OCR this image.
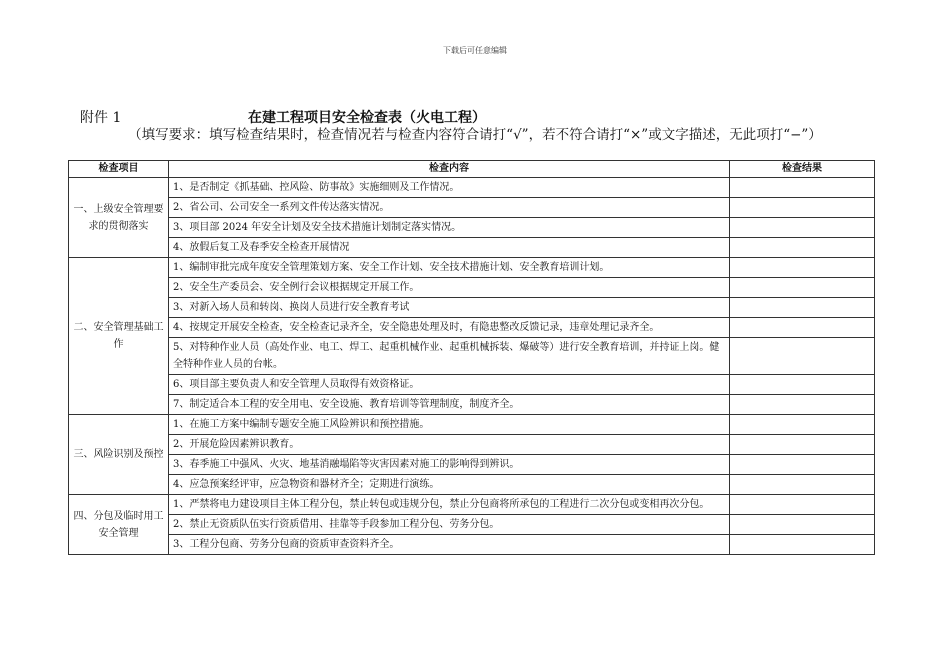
下载后可任意编辑
附件 1	在建工程项目安全检查表（火电工程）
（填写要求：填写检查结果时，检查情况若与检查内容符合请打“√”，若不符合请打“×”或文字描述，无此项打“−”）
检查项目	检查内容	检查结果
一、上级安全管理要求的贯彻落实	1、是否制定《抓基础、控风险、防事故》实施细则及工作情况。	
	2、省公司、公司安全一系列文件传达落实情况。	
	3、项目部 2024 年安全计划及安全技术措施计划制定落实情况。	
	4、放假后复工及春季安全检查开展情况	
二、安全管理基础工作	1、编制审批完成年度安全管理策划方案、安全工作计划、安全技术措施计划、安全教育培训计划。	
	2、安全生产委员会、安全例行会议根据规定开展工作。	
	3、对新入场人员和转岗、换岗人员进行安全教育考试	
	4、按规定开展安全检查，安全检查记录齐全，安全隐患处理及时，有隐患整改反馈记录，违章处理记录齐全。	
	5、对特种作业人员（高处作业、电工、焊工、起重机械作业、起重机械拆装、爆破等）进行安全教育培训，并持证上岗。健全特种作业人员的台帐。	
	6、项目部主要负责人和安全管理人员取得有效资格证。	
	7、制定适合本工程的安全用电、安全设施、教育培训等管理制度，制度齐全。	
三、风险识别及预控	1、在施工方案中编制专题安全施工风险辨识和预控措施。	
	2、开展危险因素辨识教育。	
	3、春季施工中强风、火灾、地基消融塌陷等灾害因素对施工的影响得到辨识。	
	4、应急预案经评审，应急物资和器材齐全；定期进行演练。	
四、分包及临时用工安全管理	1、严禁将电力建设项目主体工程分包，禁止转包或违规分包，禁止分包商将所承包的工程进行二次分包或变相再次分包。	
	2、禁止无资质队伍实行资质借用、挂靠等手段参加工程分包、劳务分包。	
	3、工程分包商、劳务分包商的资质审查资料齐全。	
